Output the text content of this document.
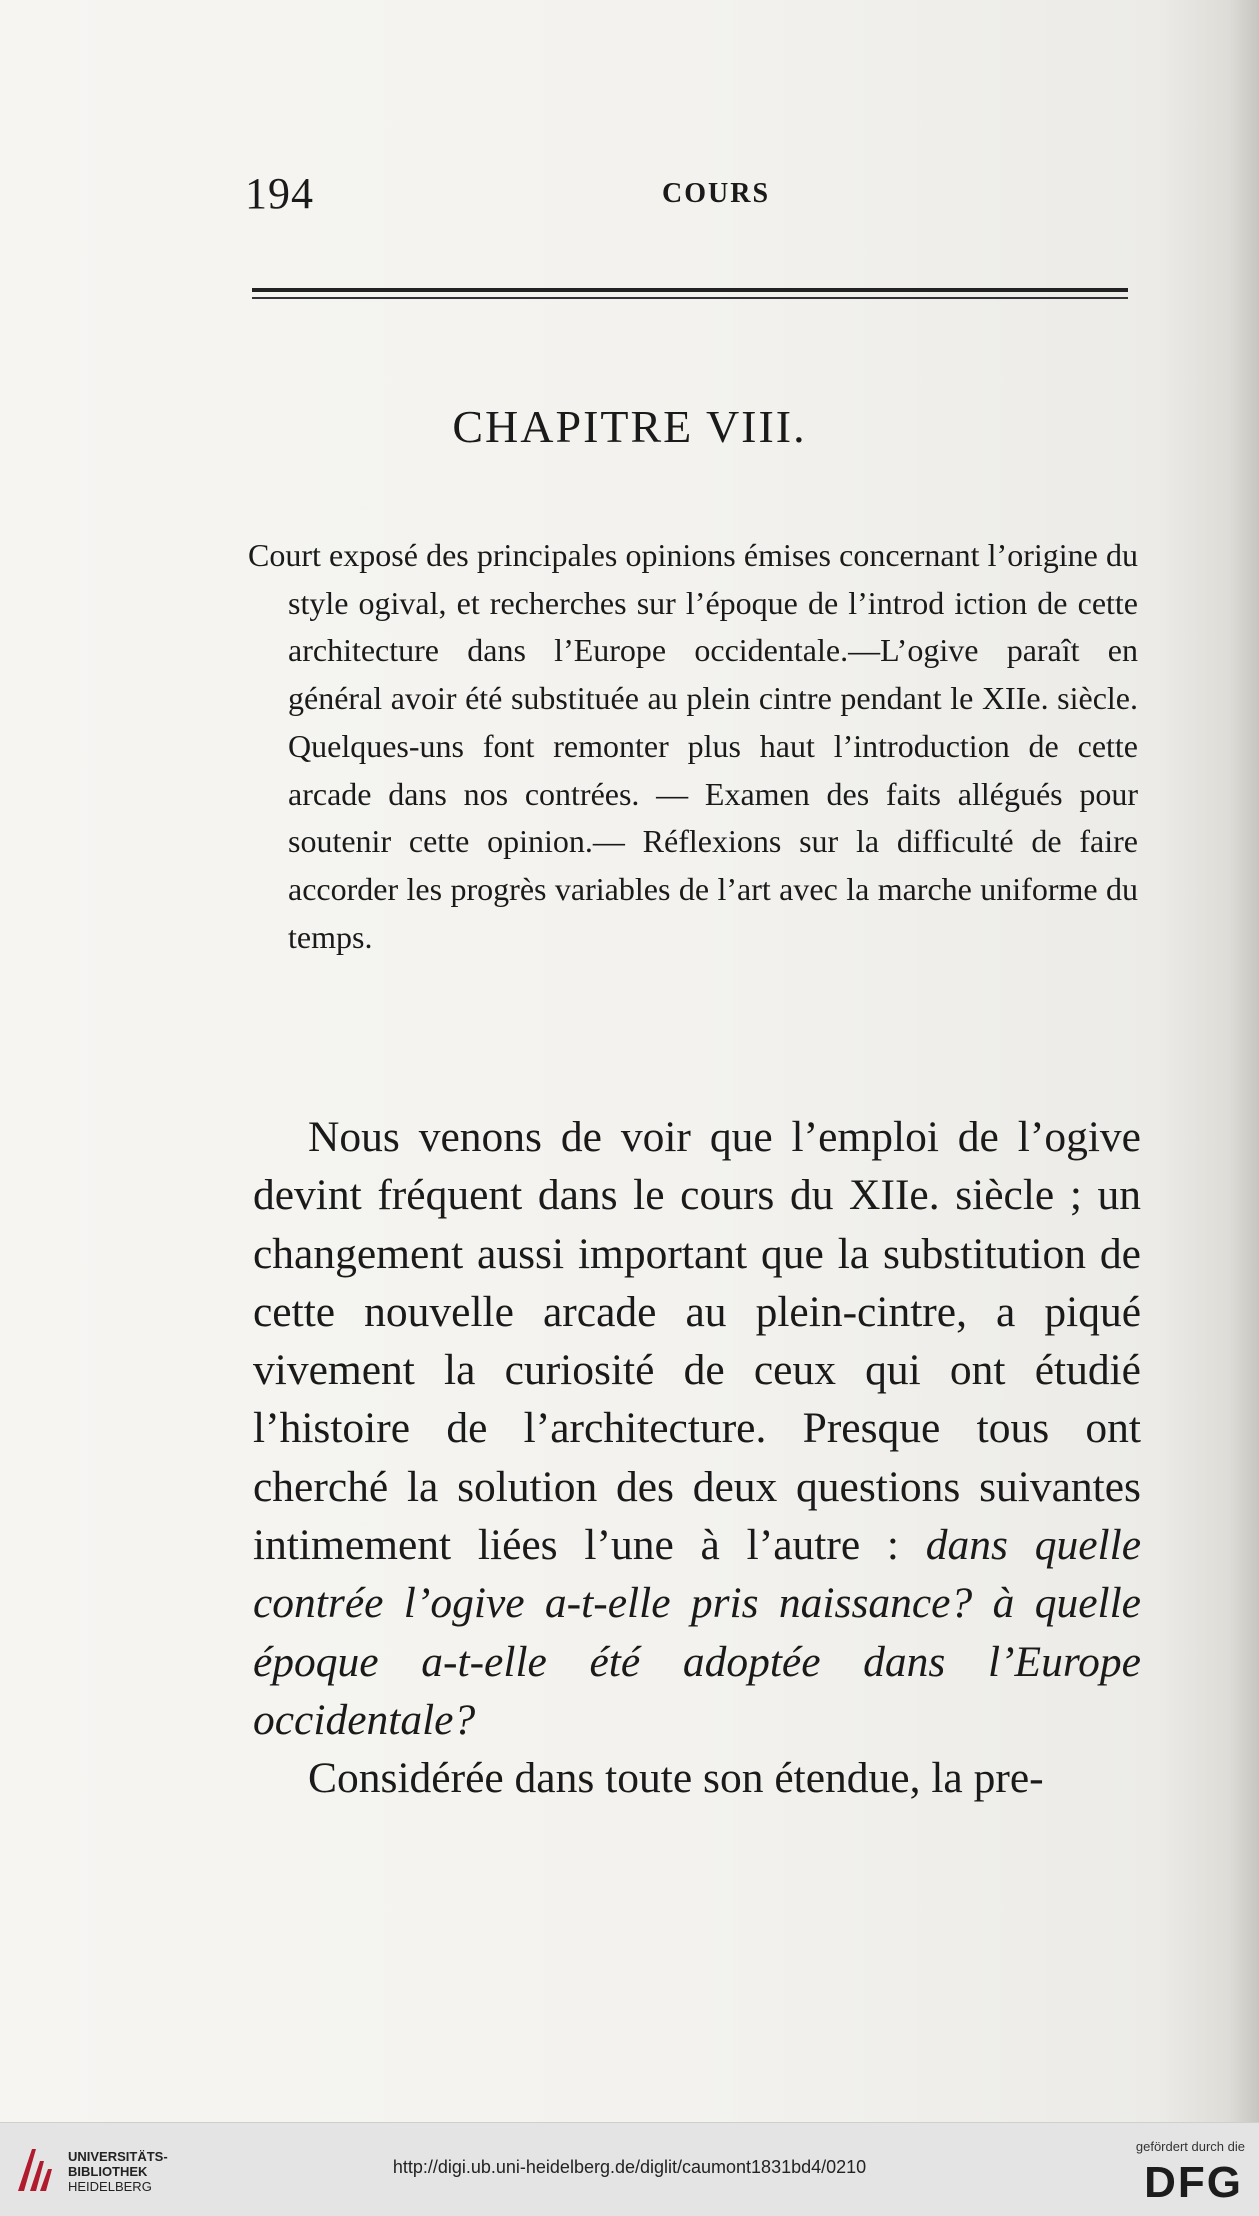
194	COURS
CHAPITRE VIII.

Court exposé des principales opinions émises concernant l’origine du style ogival, et recherches sur l’époque de l’introd iction de cette architecture dans l’Europe occidentale.—L’ogive paraît en général avoir été substituée au plein cintre pendant le XIIe. siècle. Quelques-uns font remonter plus haut l’introduction de cette arcade dans nos contrées. — Examen des faits allégués pour soutenir cette opinion.— Réflexions sur la difficulté de faire accorder les progrès variables de l’art avec la marche uniforme du temps.

Nous venons de voir que l’emploi de l’ogive devint fréquent dans le cours du XIIe. siècle ; un changement aussi important que la substitution de cette nouvelle arcade au plein-cintre, a piqué vivement la curiosité de ceux qui ont étudié l’histoire de l’architecture. Presque tous ont cherché la solution des deux questions suivantes intimement liées l’une à l’autre : dans quelle contrée l’ogive a-t-elle pris naissance? à quelle époque a-t-elle été adoptée dans l’Europe occidentale?

Considérée dans toute son étendue, la pre-

UNIVERSITÄTS-
BIBLIOTHEK
HEIDELBERG
http://digi.ub.uni-heidelberg.de/diglit/caumont1831bd4/0210
gefördert durch die
DFG
